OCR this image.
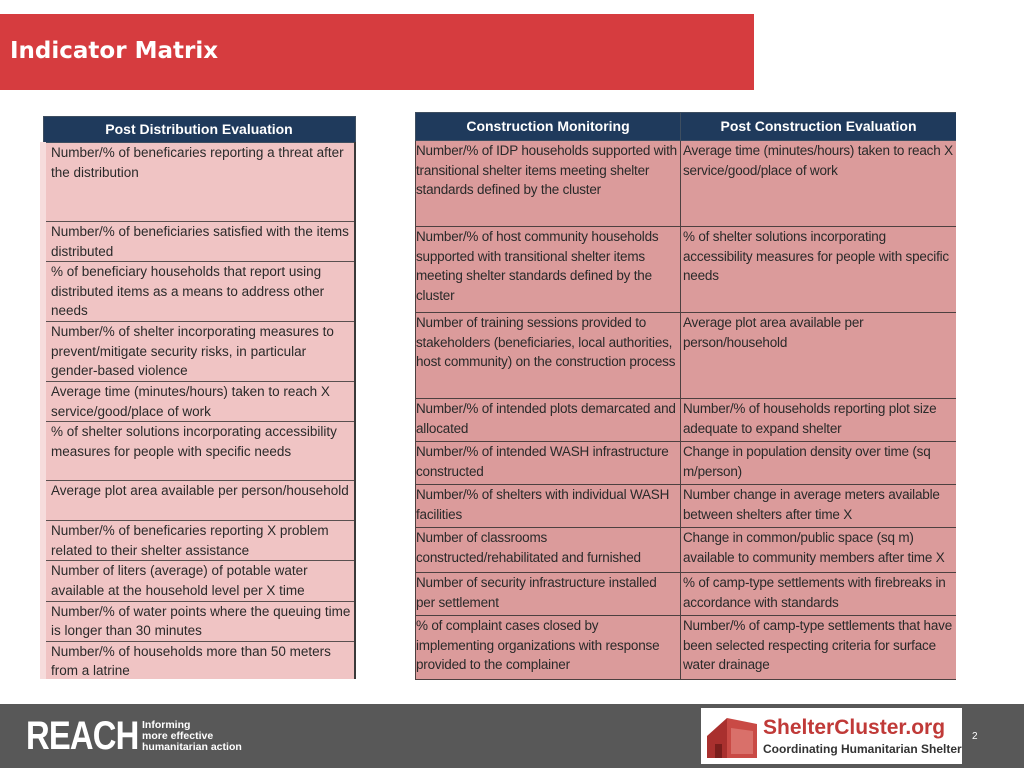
Indicator Matrix
Post Distribution Evaluation
Number/% of beneficaries reporting a threat after the distribution
Number/% of beneficiaries satisfied with the items distributed
% of beneficiary households that report using distributed items as a means to address other needs
Number/% of shelter incorporating measures to prevent/mitigate security risks, in particular gender-based violence
Average time (minutes/hours) taken to reach X service/good/place of work
% of shelter solutions incorporating accessibility measures for people with specific needs
Average plot area available per person/household
Number/% of beneficaries reporting X problem related to their shelter assistance
Number of liters (average) of potable water available at the household level per X time
Number/% of water points where the queuing time is longer than 30 minutes
Number/% of households more than 50 meters from a latrine
Construction Monitoring	Post Construction Evaluation
Number/% of IDP households supported with transitional shelter items meeting shelter standards defined by the cluster	Average time (minutes/hours) taken to reach X service/good/place of work
Number/% of host community households supported with transitional shelter items meeting shelter standards defined by the cluster	% of shelter solutions incorporating accessibility measures for people with specific needs
Number of training sessions provided to stakeholders (beneficiaries, local authorities, host community) on the construction process	Average plot area available per person/household
Number/% of intended plots demarcated and allocated	Number/% of households reporting plot size adequate to expand shelter
Number/% of intended WASH infrastructure constructed	Change in population density over time (sq m/person)
Number/% of shelters with individual WASH facilities	Number change in average meters available between shelters after time X
Number of classrooms constructed/rehabilitated and furnished	Change in common/public space (sq m) available to community members after time X
Number of security infrastructure installed per settlement	% of camp-type settlements with firebreaks in accordance with standards
% of complaint cases closed by implementing organizations with response provided to the complainer	Number/% of camp-type settlements that have been selected respecting criteria for surface water drainage
REACH Informing
more effective
humanitarian action
ShelterCluster.org
Coordinating Humanitarian Shelter
2
